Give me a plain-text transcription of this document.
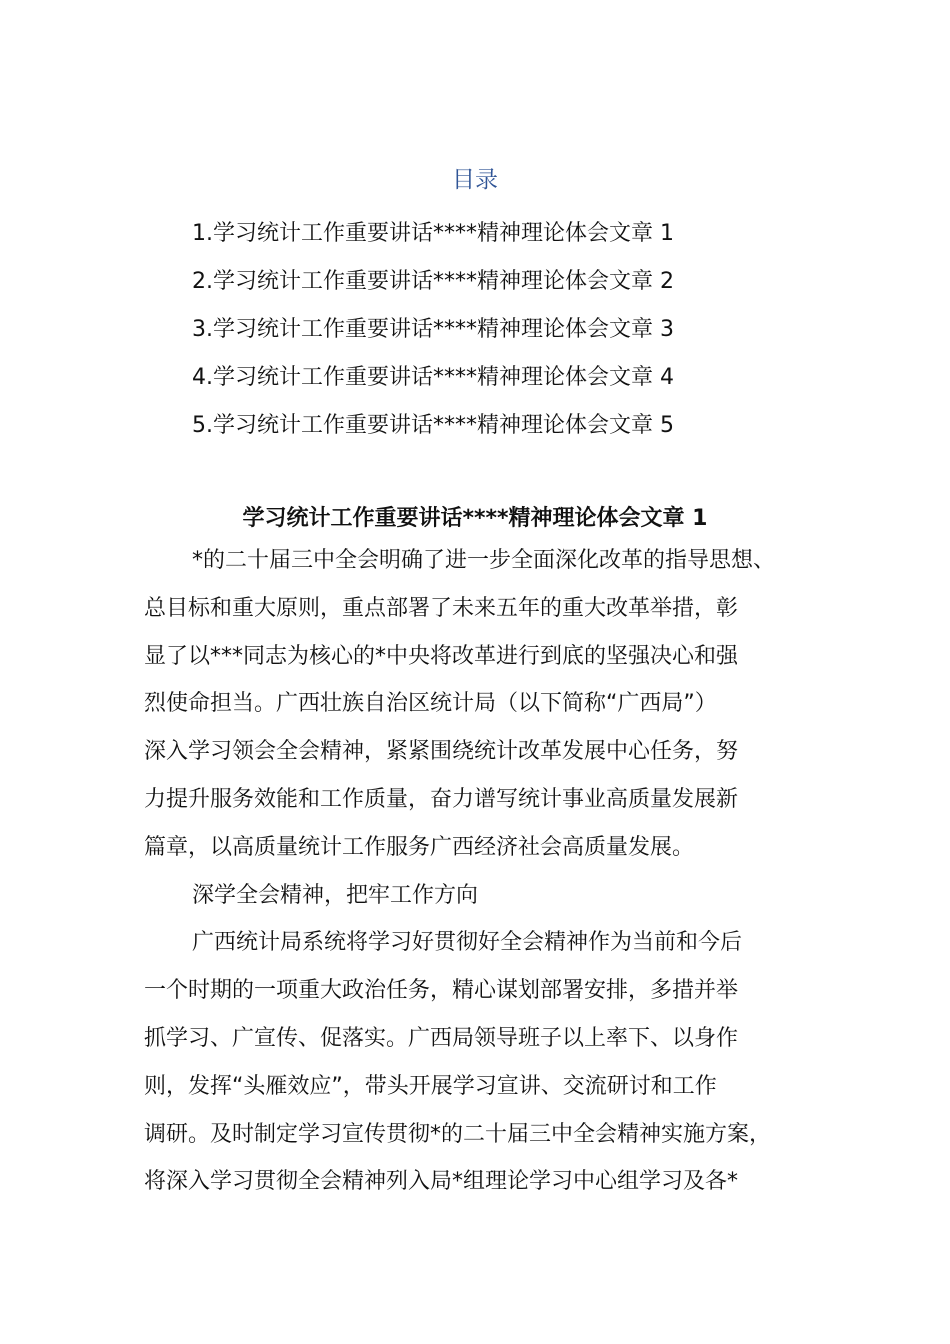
目录
1.学习统计工作重要讲话****精神理论体会文章 1
2.学习统计工作重要讲话****精神理论体会文章 2
3.学习统计工作重要讲话****精神理论体会文章 3
4.学习统计工作重要讲话****精神理论体会文章 4
5.学习统计工作重要讲话****精神理论体会文章 5
学习统计工作重要讲话****精神理论体会文章 1
*的二十届三中全会明确了进一步全面深化改革的指导思想、
总目标和重大原则，重点部署了未来五年的重大改革举措，彰
显了以***同志为核心的*中央将改革进行到底的坚强决心和强
烈使命担当。广西壮族自治区统计局（以下简称“广西局”）
深入学习领会全会精神，紧紧围绕统计改革发展中心任务，努
力提升服务效能和工作质量，奋力谱写统计事业高质量发展新
篇章，以高质量统计工作服务广西经济社会高质量发展。
深学全会精神，把牢工作方向
广西统计局系统将学习好贯彻好全会精神作为当前和今后
一个时期的一项重大政治任务，精心谋划部署安排，多措并举
抓学习、广宣传、促落实。广西局领导班子以上率下、以身作
则，发挥“头雁效应”，带头开展学习宣讲、交流研讨和工作
调研。及时制定学习宣传贯彻*的二十届三中全会精神实施方案，
将深入学习贯彻全会精神列入局*组理论学习中心组学习及各*
